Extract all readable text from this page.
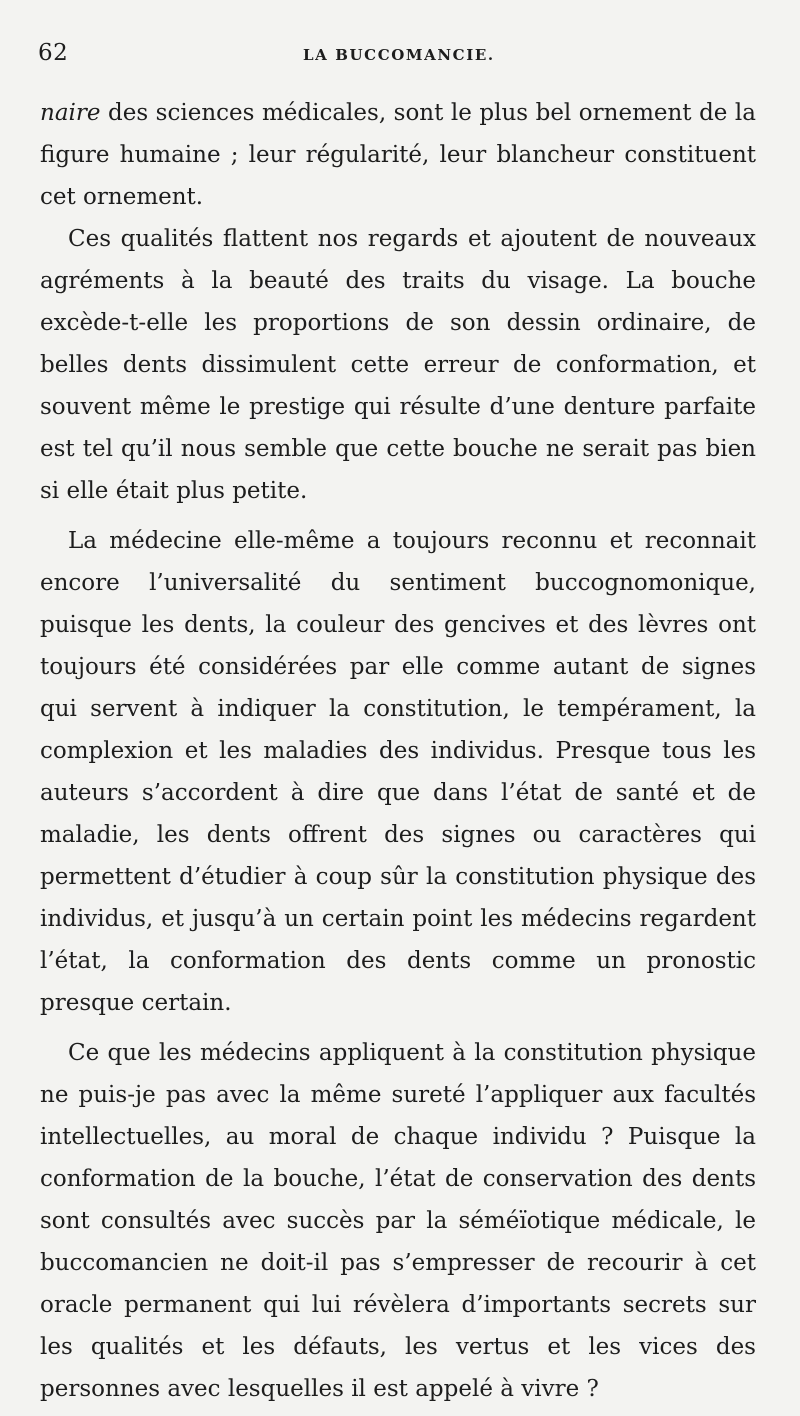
62	LA BUCCOMANCIE.

naire des sciences médicales, sont le plus bel ornement de la figure humaine ; leur régularité, leur blancheur constituent cet ornement.

Ces qualités flattent nos regards et ajoutent de nouveaux agréments à la beauté des traits du visage. La bouche excède-t-elle les proportions de son dessin ordinaire, de belles dents dissimulent cette erreur de conformation, et souvent même le prestige qui résulte d’une denture parfaite est tel qu’il nous semble que cette bouche ne serait pas bien si elle était plus petite.

La médecine elle-même a toujours reconnu et reconnait encore l’universalité du sentiment buccognomonique, puisque les dents, la couleur des gencives et des lèvres ont toujours été considérées par elle comme autant de signes qui servent à indiquer la constitution, le tempérament, la complexion et les maladies des individus. Presque tous les auteurs s’accordent à dire que dans l’état de santé et de maladie, les dents offrent des signes ou caractères qui permettent d’étudier à coup sûr la constitution physique des individus, et jusqu’à un certain point les médecins regardent l’état, la conformation des dents comme un pronostic presque certain.

Ce que les médecins appliquent à la constitution physique ne puis-je pas avec la même sureté l’appliquer aux facultés intellectuelles, au moral de chaque individu ? Puisque la conformation de la bouche, l’état de conservation des dents sont consultés avec succès par la séméïotique médicale, le buccomancien ne doit-il pas s’empresser de recourir à cet oracle permanent qui lui révèlera d’importants secrets sur les qualités et les défauts, les vertus et les vices des personnes avec lesquelles il est appelé à vivre ?
